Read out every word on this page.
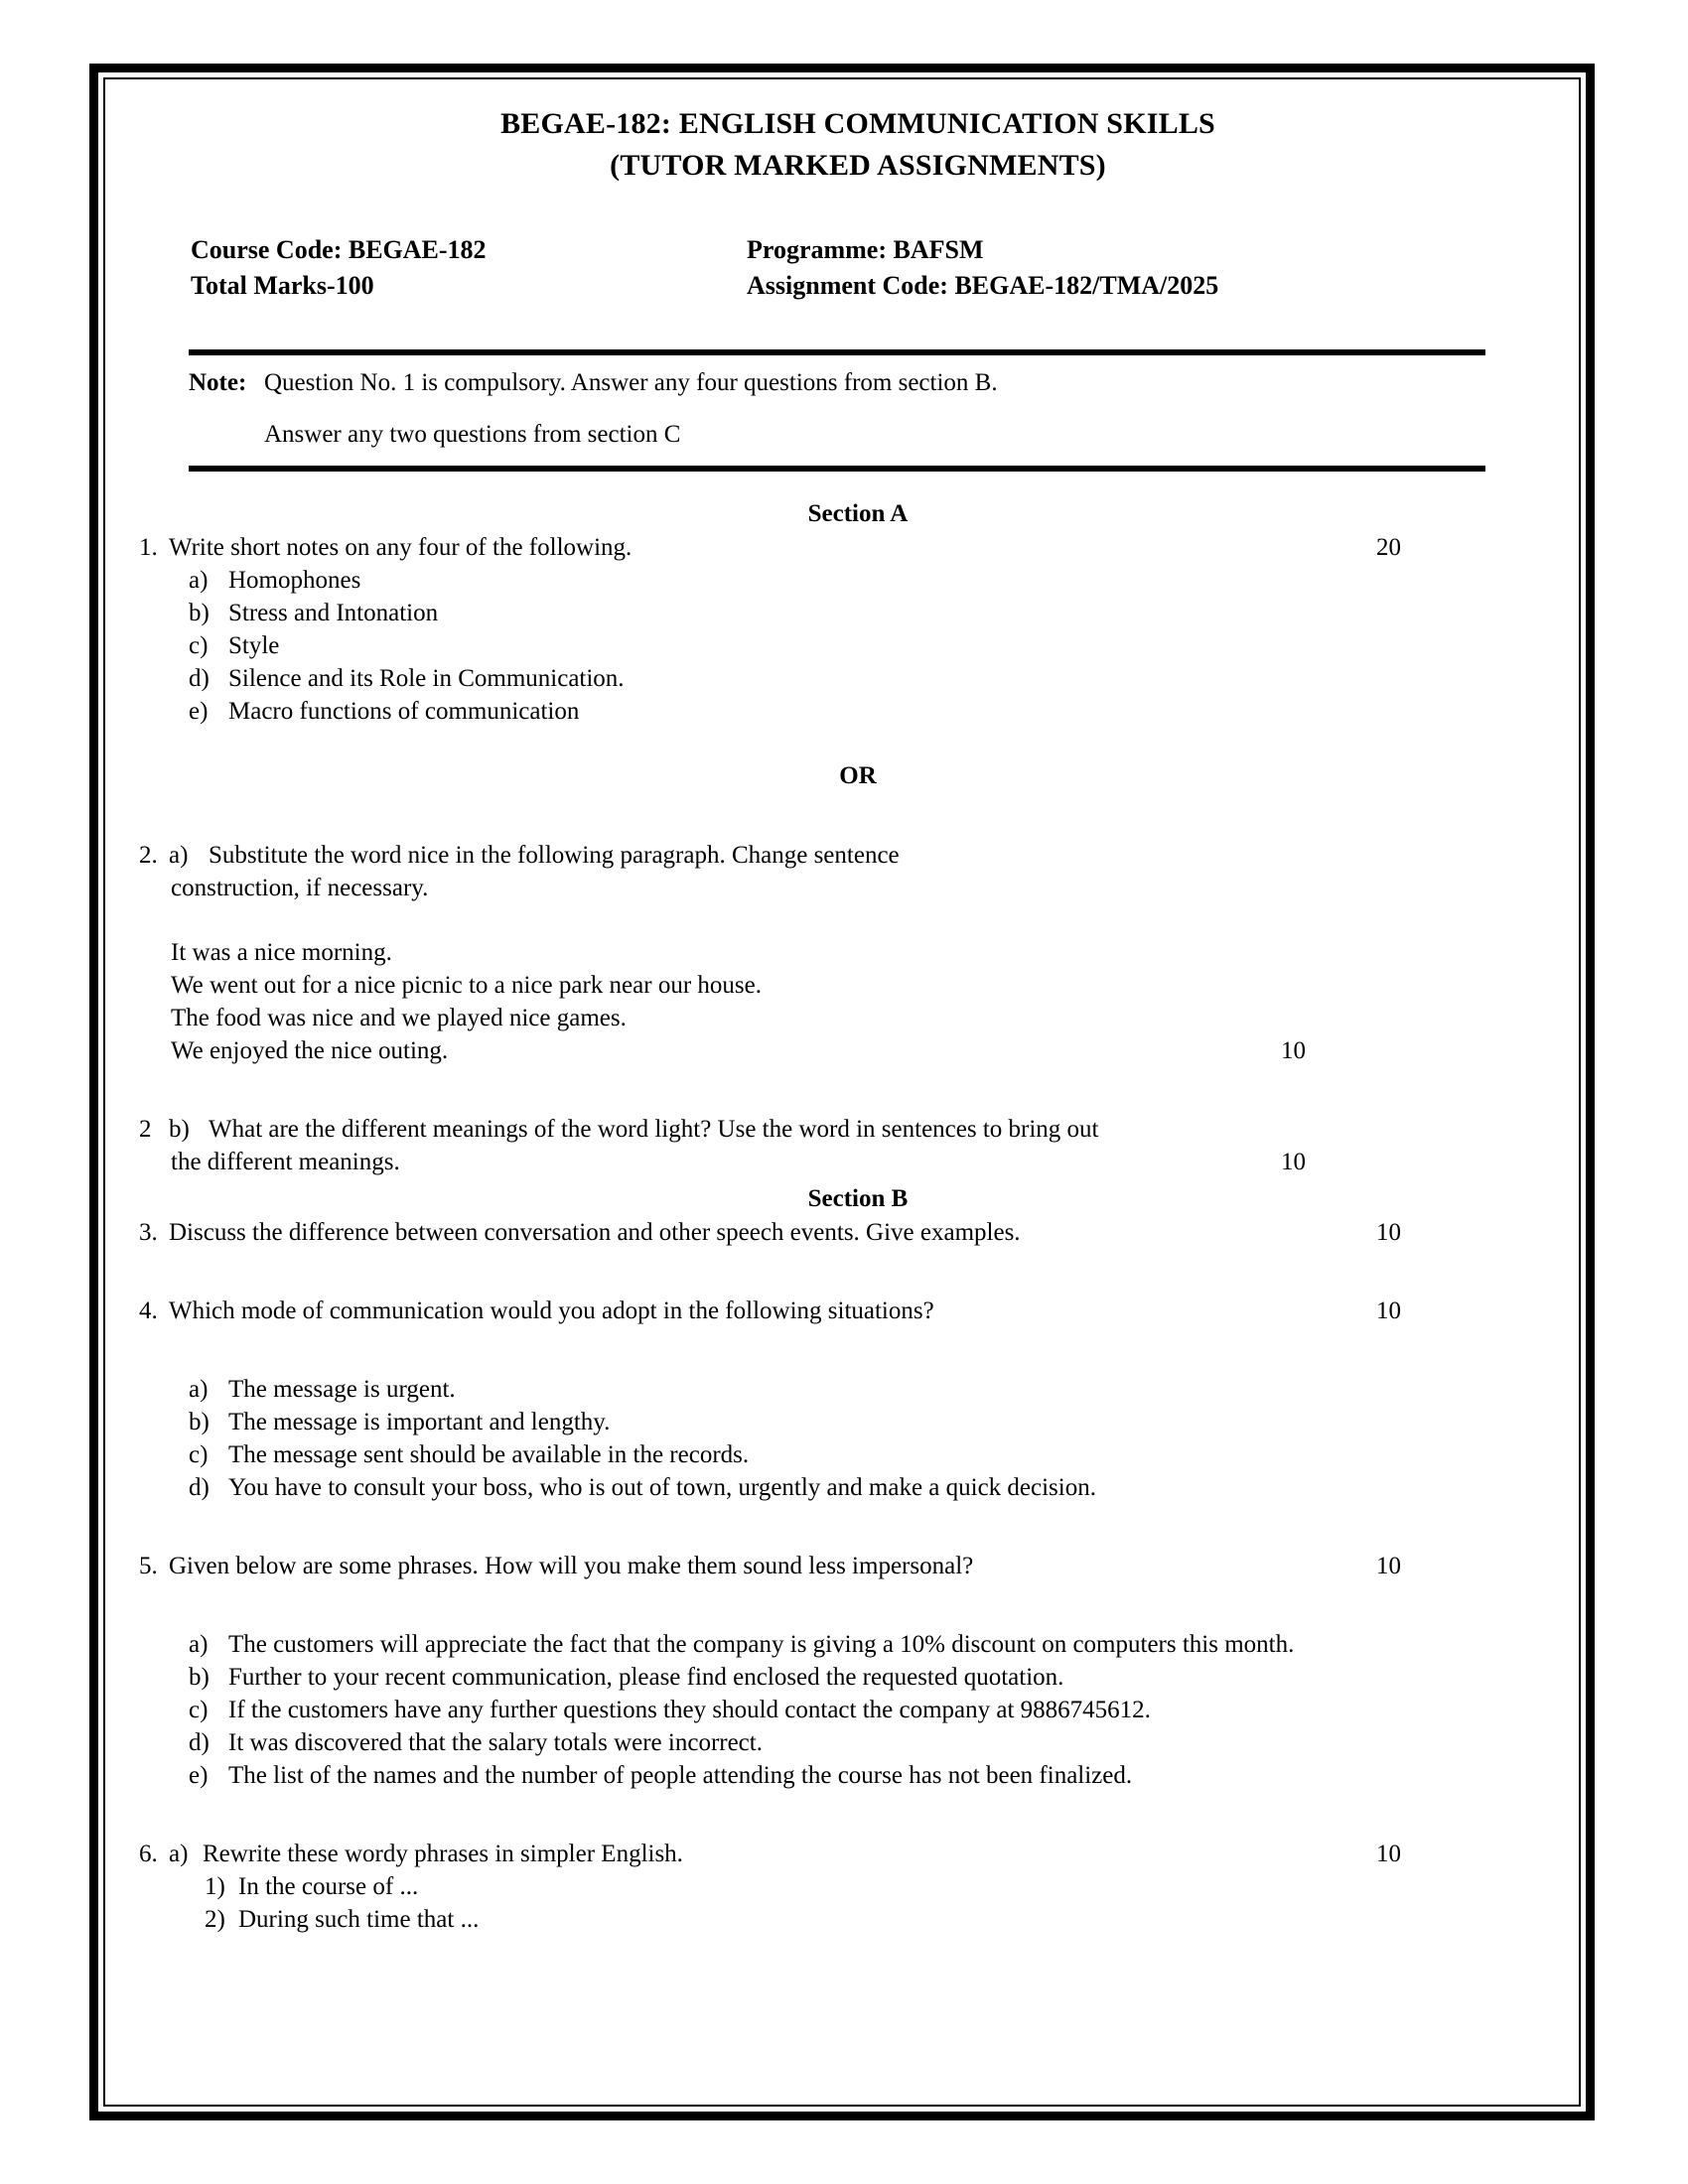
BEGAE-182: ENGLISH COMMUNICATION SKILLS
(TUTOR MARKED ASSIGNMENTS)
Course Code: BEGAE-182	Programme: BAFSM
Total Marks-100	Assignment Code: BEGAE-182/TMA/2025
Note: Question No. 1 is compulsory. Answer any four questions from section B.
Answer any two questions from section C
Section A
1. Write short notes on any four of the following.	20
a) Homophones
b) Stress and Intonation
c) Style
d) Silence and its Role in Communication.
e) Macro functions of communication
OR
2. a) Substitute the word nice in the following paragraph. Change sentence
construction, if necessary.
It was a nice morning.
We went out for a nice picnic to a nice park near our house.
The food was nice and we played nice games.
We enjoyed the nice outing.	10
2 b) What are the different meanings of the word light? Use the word in sentences to bring out
the different meanings.	10
Section B
3. Discuss the difference between conversation and other speech events. Give examples.	10
4. Which mode of communication would you adopt in the following situations?	10
a) The message is urgent.
b) The message is important and lengthy.
c) The message sent should be available in the records.
d) You have to consult your boss, who is out of town, urgently and make a quick decision.
5. Given below are some phrases. How will you make them sound less impersonal?	10
a) The customers will appreciate the fact that the company is giving a 10% discount on computers this month.
b) Further to your recent communication, please find enclosed the requested quotation.
c) If the customers have any further questions they should contact the company at 9886745612.
d) It was discovered that the salary totals were incorrect.
e) The list of the names and the number of people attending the course has not been finalized.
6. a) Rewrite these wordy phrases in simpler English.	10
1) In the course of ...
2) During such time that ...
